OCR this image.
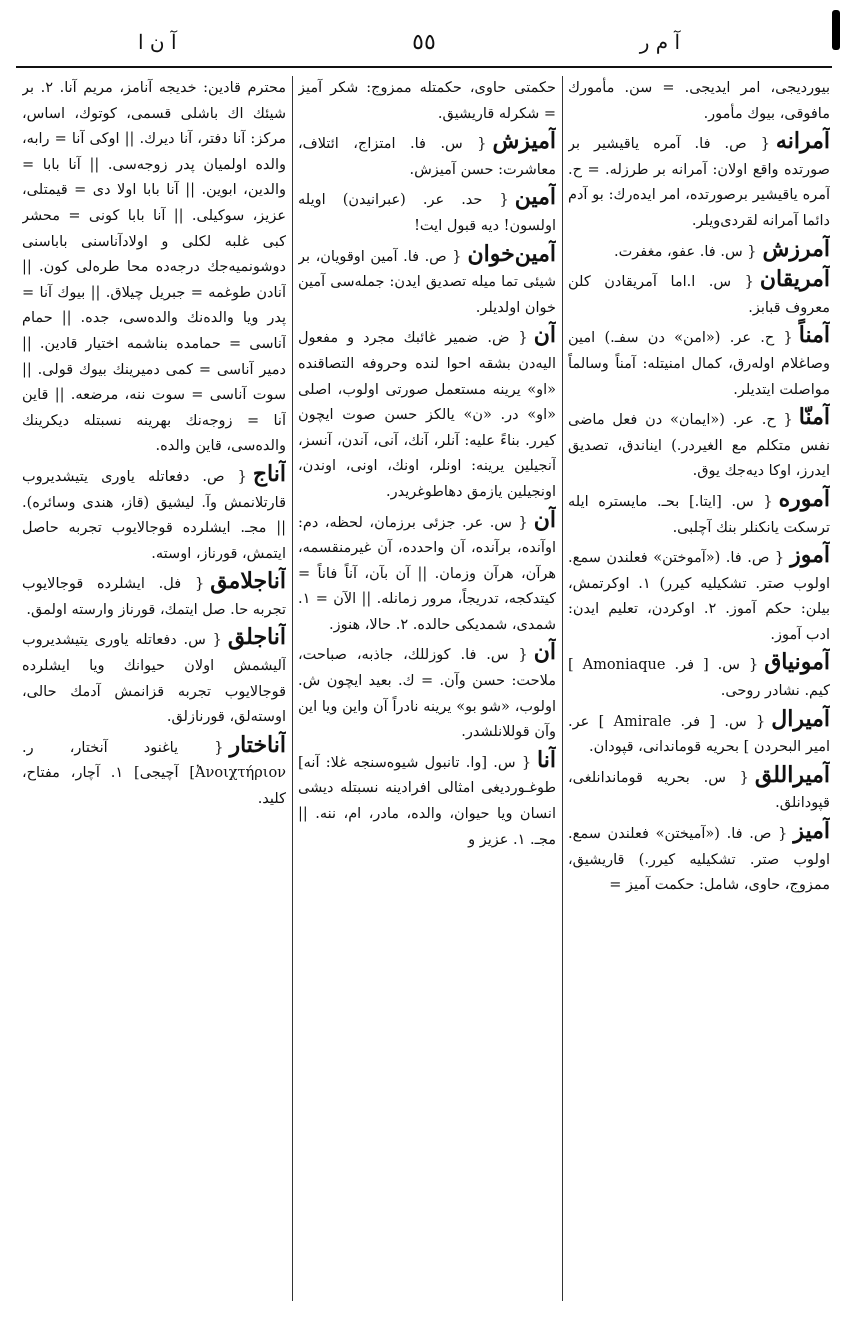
آ ن ا	٥٥	آ م ر

بیوردیجی، امر ایدیجی. = سن. مأمورك مافوقی، بیوك مأمور.

آمرانه{ ص. فا. آمره یاقیشیر بر صورتده واقع اولان: آمرانه بر طرزله. = ح. آمره یاقیشیر برصورتده، امر ایدەرك: بو آدم دائما آمرانه لقردی‌ویلر.

آمرزش{ س. فا. عفو، مغفرت.

آمریقان{ س. ا.اما آمریقادن كلن معروف قبابز.

آمناً{ ح. عر. («امن» دن سفـ.) امین وصاغلام اولەرق، كمال امنیتله: آمناً وسالماً مواصلت ایتدیلر.

آمنّا{ ح. عر. («ایمان» دن فعل ماضی نفس متكلم مع الغیردر.) ایناندق، تصدیق ایدرز، اوكا دیه‌جك یوق.

آموره{ س. [ایتا.] بحـ. مایستره ایله ترسكت یانكنلر بنك آچلبی.

آموز{ ص. فا. («آموختن» فعلندن سمع. اولوب صتر. تشكیلیه كیرر) ۱. اوكرتمش، بیلن: حكم آموز. ۲. اوكردن، تعلیم ایدن: ادب آموز.

آمونیاق{ س. [ فر. Amoniaque ] كیم. نشادر روحی.

آمیرال{ س. [ فر. Amirale ] عر. امیر البحردن ] بحریه قوماندانی، قپودان.

آمیراللق{ س. بحریه قوماندانلغی، قپودانلق.

آمیز{ ص. فا. («آمیختن» فعلندن سمع. اولوب صتر. تشكیلیه كیرر.) قاریشیق، ممزوج، حاوی، شامل: حكمت آمیز =

حكمتی حاوی، حكمتله ممزوج: شكر آمیز = شكرله قاریشیق.

آمیزش{ س. فا. امتزاج، ائتلاف، معاشرت: حسن آمیزش.

آمین{ حد. عر. (عبرانیدن) اویله اولسون! دیه قبول ایت!

آمین‌خوان{ ص. فا. آمین اوقو‌یان، بر شیئی تما میله تصدیق ایدن: جمله‌سی آمین خوان اولدیلر.

آن{ ض. ضمیر غائبك مجرد و مفعول الیه‌دن بشقه احوا لنده وحروفه التصاقنده «او» یرینه مستعمل صورتی اولوب، اصلی «او» در. «ن» یالكز حسن صوت ایچون كیرر. بناءً علیه: آنلر، آنك، آنی، آندن، آنسز، آنجیلین یرینه: اونلر، اونك، اونی، اوندن، اونجیلین یازمق دهاطوغریدر.

آن{ س. عر. جزئی برزمان، لحظه، دم: اوآنده، برآنده، آن واحدده، آن غیرمنقسمه، هرآن، هرآن وزمان. || آن بآن، آناً فاناً = كیتدكجه، تدریجاً، مرور زمانله. || الآن = ۱. شمدی، شمدیكی حالده. ۲. حالا، هنوز.

آن{ س. فا. كوزللك، جاذبه، صبا‌حت، ملاحت: حسن وآن. = ك. بعید ایچون ش. اولوب، «شو بو» یرینه نادراً آن واین ویا این وآن قوللانلشدر.

آنا{ س. [وا. تانبول شیوه‌سنجه غلا: آنه] طوغـورديغی امثالی افرادینه نسبتله دیشی انسان ویا حیوان، والده، مادر، ام، ننه. || مجـ. ۱. عزیز و

محترم قادین: خدیجه آنامز، مریم آنا. ۲. بر شیئك اك باشلی قسمی، كوتوك، اساس، مركز: آنا دفتر، آنا دیرك. || اوكی آنا = رابه، والده اولمیان پدر زوجه‌سی. || آنا بابا = والدین، ابوین. || آنا بابا اولا دی = قیمتلی، عزیز، سوكیلی. || آنا بابا كونی = محشر كبی غلبه لكلی و اولادآناسنی باباسنی دوشونمیه‌جك درجه‌ده محا طره‌لی كون. || آنادن طوغمه = جبریل چیلاق. || بیوك آنا = پدر ویا والده‌نك والده‌سی، جده. || حمام آناسی = حمامده بناشمه اختیار قادین. || دمیر آناسی = كمی دمیرینك بیوك قولی. || سوت آناسی = سوت ننه، مرضعه. || قاین آنا = زوجه‌نك بهرینه نسبتله دیكرینك والده‌سی، قاین والده.

آناج{ ص. دفعاتله یاوری یتیشد‌یروب قارتلانمش وآ. لیشیق (قاز، هندی وسائره). || مجـ. ایشلرده قوجالایوب تجربه حاصل ایتمش، قورناز، اوسته.

آناجلامق{ فل. ایشلرده قو‌جالایوب تجربه حا. صل ایتمك، قورناز وارسته اولمق.

آناجلق{ س. دفعاتله یاوری یتیشدیروب آلیشمش اولان حیوانك ویا ایشلرده قوجالایوب تجربه قزانمش آدمك حالی، اوسته‌لق، قورنازلق.

آناختار{ ياغنود آنختار، ر. Ἀνοιχτήριον] آچیجی] ۱. آچار، مفتاح، كلید.
